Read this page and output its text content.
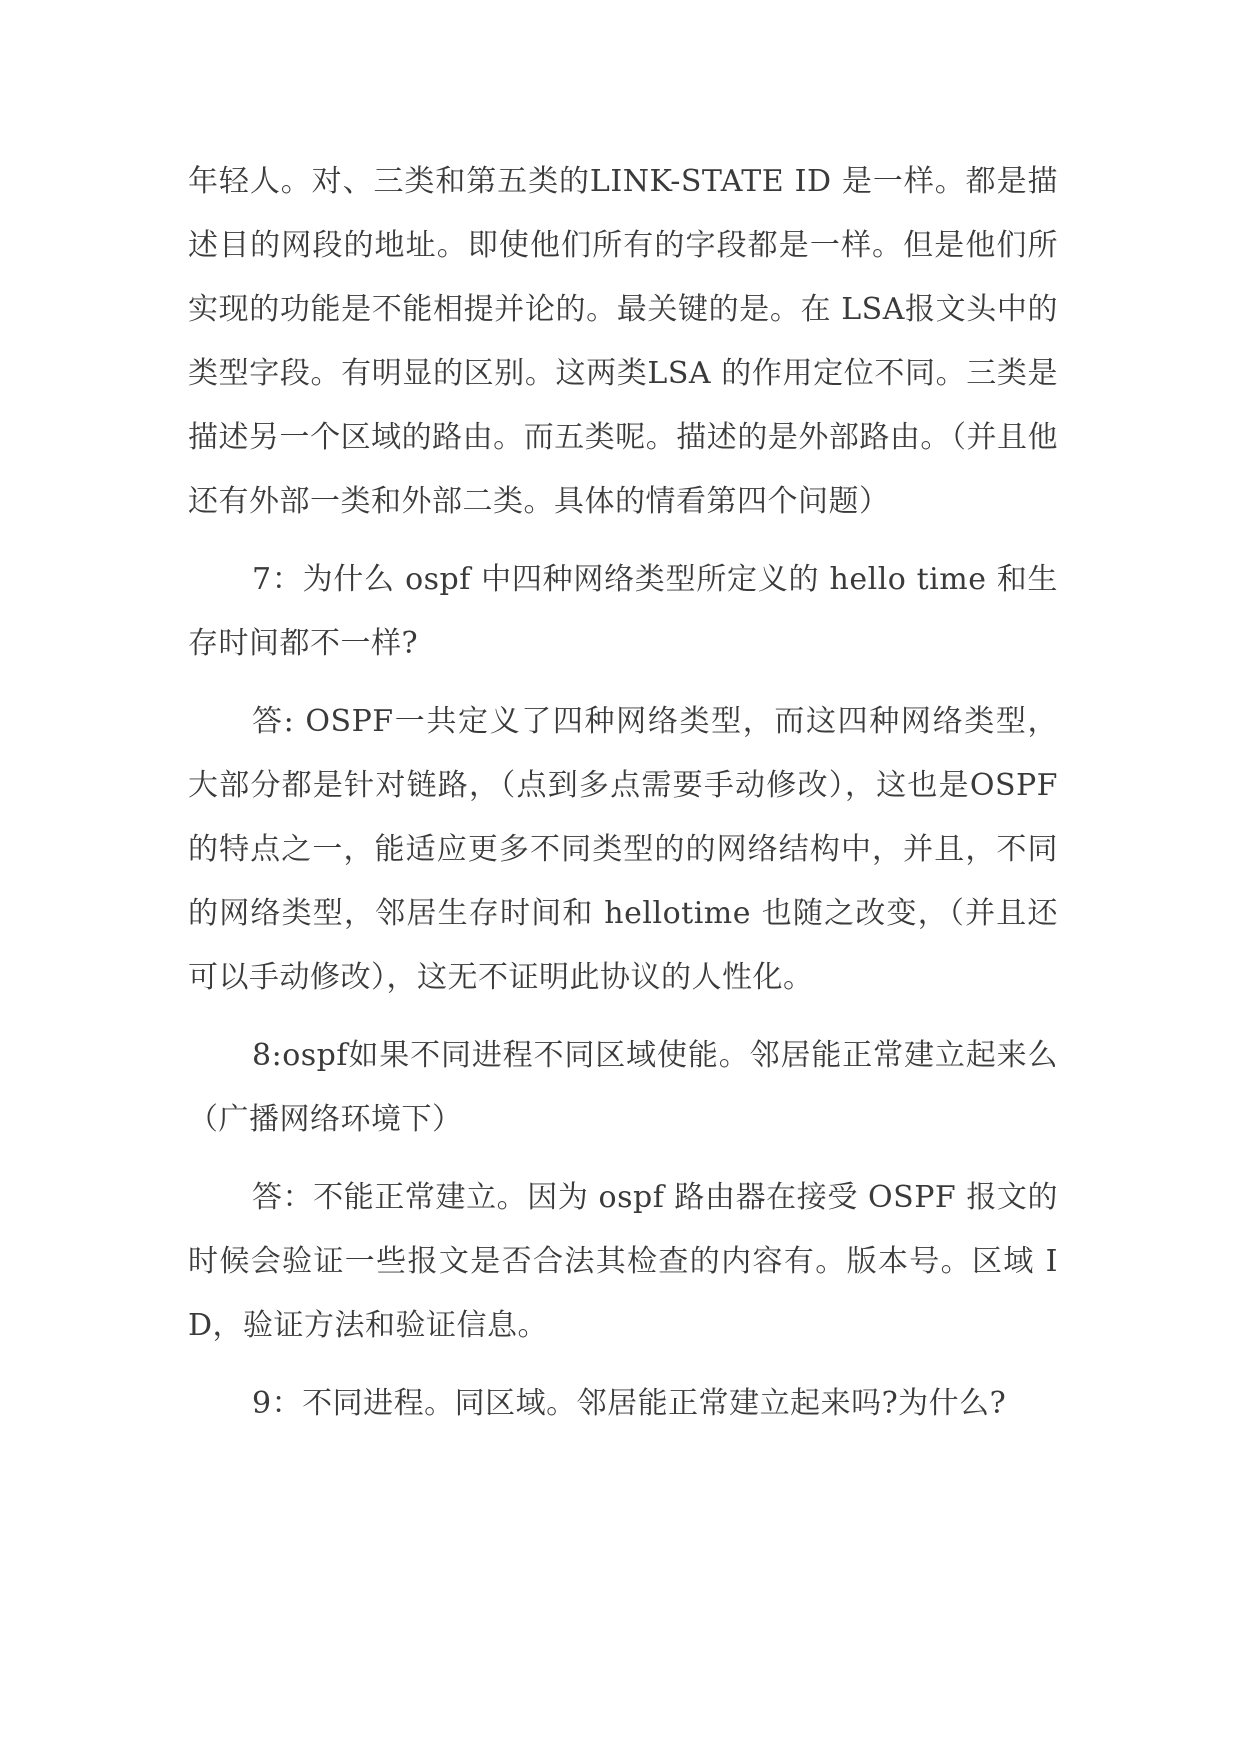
年轻人。对、三类和第五类的LINK-STATE ID 是一样。都是描述目的网段的地址。即使他们所有的字段都是一样。但是他们所实现的功能是不能相提并论的。最关键的是。在 LSA报文头中的类型字段。有明显的区别。这两类LSA 的作用定位不同。三类是描述另一个区域的路由。而五类呢。描述的是外部路由。（并且他还有外部一类和外部二类。具体的情看第四个问题）

7：为什么 ospf 中四种网络类型所定义的 hello time 和生存时间都不一样?

答: OSPF一共定义了四种网络类型，而这四种网络类型，大部分都是针对链路，（点到多点需要手动修改），这也是OSPF的特点之一，能适应更多不同类型的的网络结构中，并且，不同的网络类型，邻居生存时间和 hellotime 也随之改变，（并且还可以手动修改），这无不证明此协议的人性化。

8:ospf如果不同进程不同区域使能。邻居能正常建立起来么（广播网络环境下）

答：不能正常建立。因为 ospf 路由器在接受 OSPF 报文的时候会验证一些报文是否合法其检查的内容有。版本号。区域 ID，验证方法和验证信息。

9：不同进程。同区域。邻居能正常建立起来吗?为什么?
